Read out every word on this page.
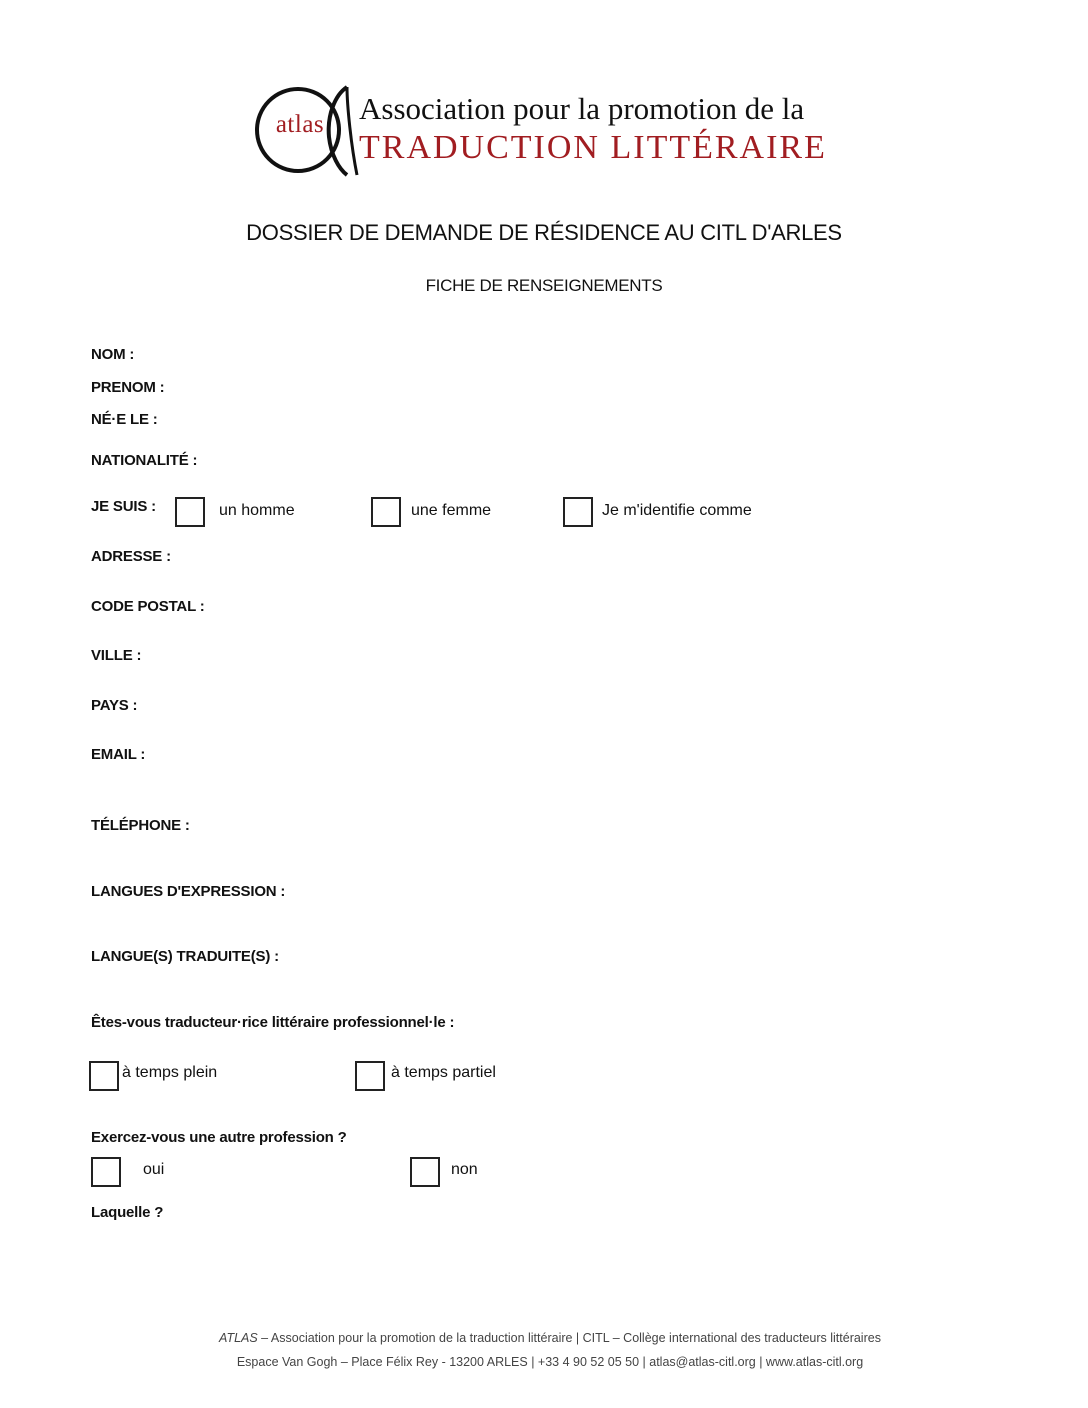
atlas	Association pour la promotion de la
TRADUCTION LITTÉRAIRE
DOSSIER DE DEMANDE DE RÉSIDENCE AU CITL D'ARLES
FICHE DE RENSEIGNEMENTS
NOM :
PRENOM :
NÉ·E LE :
NATIONALITÉ :
JE SUIS :	un homme	une femme	Je m'identifie comme
ADRESSE :
CODE POSTAL :
VILLE :
PAYS :
EMAIL :
TÉLÉPHONE :
LANGUES D'EXPRESSION :
LANGUE(S) TRADUITE(S) :
Êtes-vous traducteur·rice littéraire professionnel·le :
à temps plein	à temps partiel
Exercez-vous une autre profession ?
oui	non
Laquelle ?
ATLAS – Association pour la promotion de la traduction littéraire | CITL – Collège international des traducteurs littéraires
Espace Van Gogh – Place Félix Rey - 13200 ARLES | +33 4 90 52 05 50 | atlas@atlas-citl.org | www.atlas-citl.org
